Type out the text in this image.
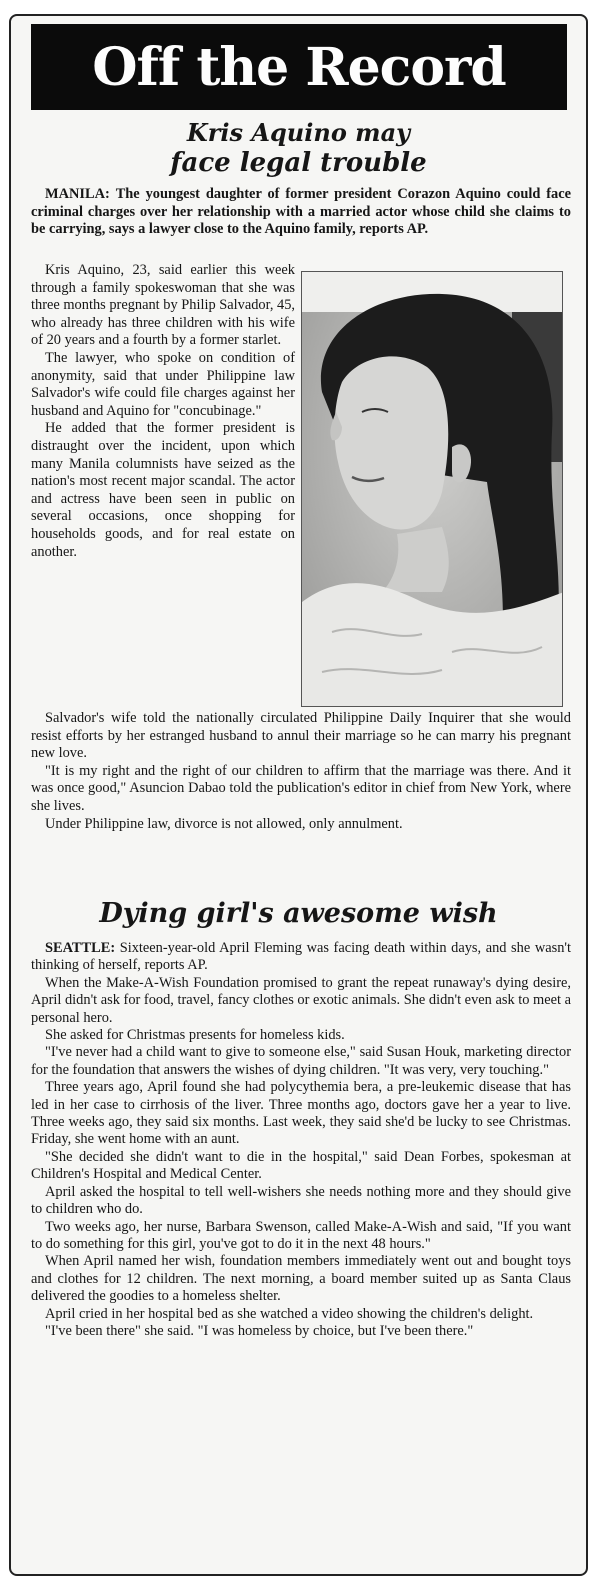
Off the Record
Kris Aquino may
face legal trouble

MANILA: The youngest daughter of former president Corazon Aquino could face criminal charges over her relationship with a married actor whose child she claims to be carrying, says a lawyer close to the Aquino family, reports AP.

Kris Aquino, 23, said earlier this week through a family spokeswoman that she was three months pregnant by Philip Salvador, 45, who already has three children with his wife of 20 years and a fourth by a former starlet.

The lawyer, who spoke on condition of anonymity, said that under Philippine law Salvador's wife could file charges against her husband and Aquino for "concubinage."

He added that the former president is distraught over the incident, upon which many Manila columnists have seized as the nation's most recent major scandal. The actor and actress have been seen in public on several occasions, once shopping for households goods, and for real estate on another.

Salvador's wife told the nationally circulated Philippine Daily Inquirer that she would resist efforts by her estranged husband to annul their marriage so he can marry his pregnant new love.

"It is my right and the right of our children to affirm that the marriage was there. And it was once good," Asuncion Dabao told the publication's editor in chief from New York, where she lives.

Under Philippine law, divorce is not allowed, only annulment.

Dying girl's awesome wish

SEATTLE: Sixteen-year-old April Fleming was facing death within days, and she wasn't thinking of herself, reports AP.

When the Make-A-Wish Foundation promised to grant the repeat runaway's dying desire, April didn't ask for food, travel, fancy clothes or exotic animals. She didn't even ask to meet a personal hero.

She asked for Christmas presents for homeless kids.

"I've never had a child want to give to someone else," said Susan Houk, marketing director for the foundation that answers the wishes of dying children. "It was very, very touching."

Three years ago, April found she had polycythemia bera, a pre-leukemic disease that has led in her case to cirrhosis of the liver. Three months ago, doctors gave her a year to live. Three weeks ago, they said six months. Last week, they said she'd be lucky to see Christmas. Friday, she went home with an aunt.

"She decided she didn't want to die in the hospital," said Dean Forbes, spokesman at Children's Hospital and Medical Center.

April asked the hospital to tell well-wishers she needs nothing more and they should give to children who do.

Two weeks ago, her nurse, Barbara Swenson, called Make-A-Wish and said, "If you want to do something for this girl, you've got to do it in the next 48 hours."

When April named her wish, foundation members immediately went out and bought toys and clothes for 12 children. The next morning, a board member suited up as Santa Claus delivered the goodies to a homeless shelter.

April cried in her hospital bed as she watched a video showing the children's delight.

"I've been there" she said. "I was homeless by choice, but I've been there."
